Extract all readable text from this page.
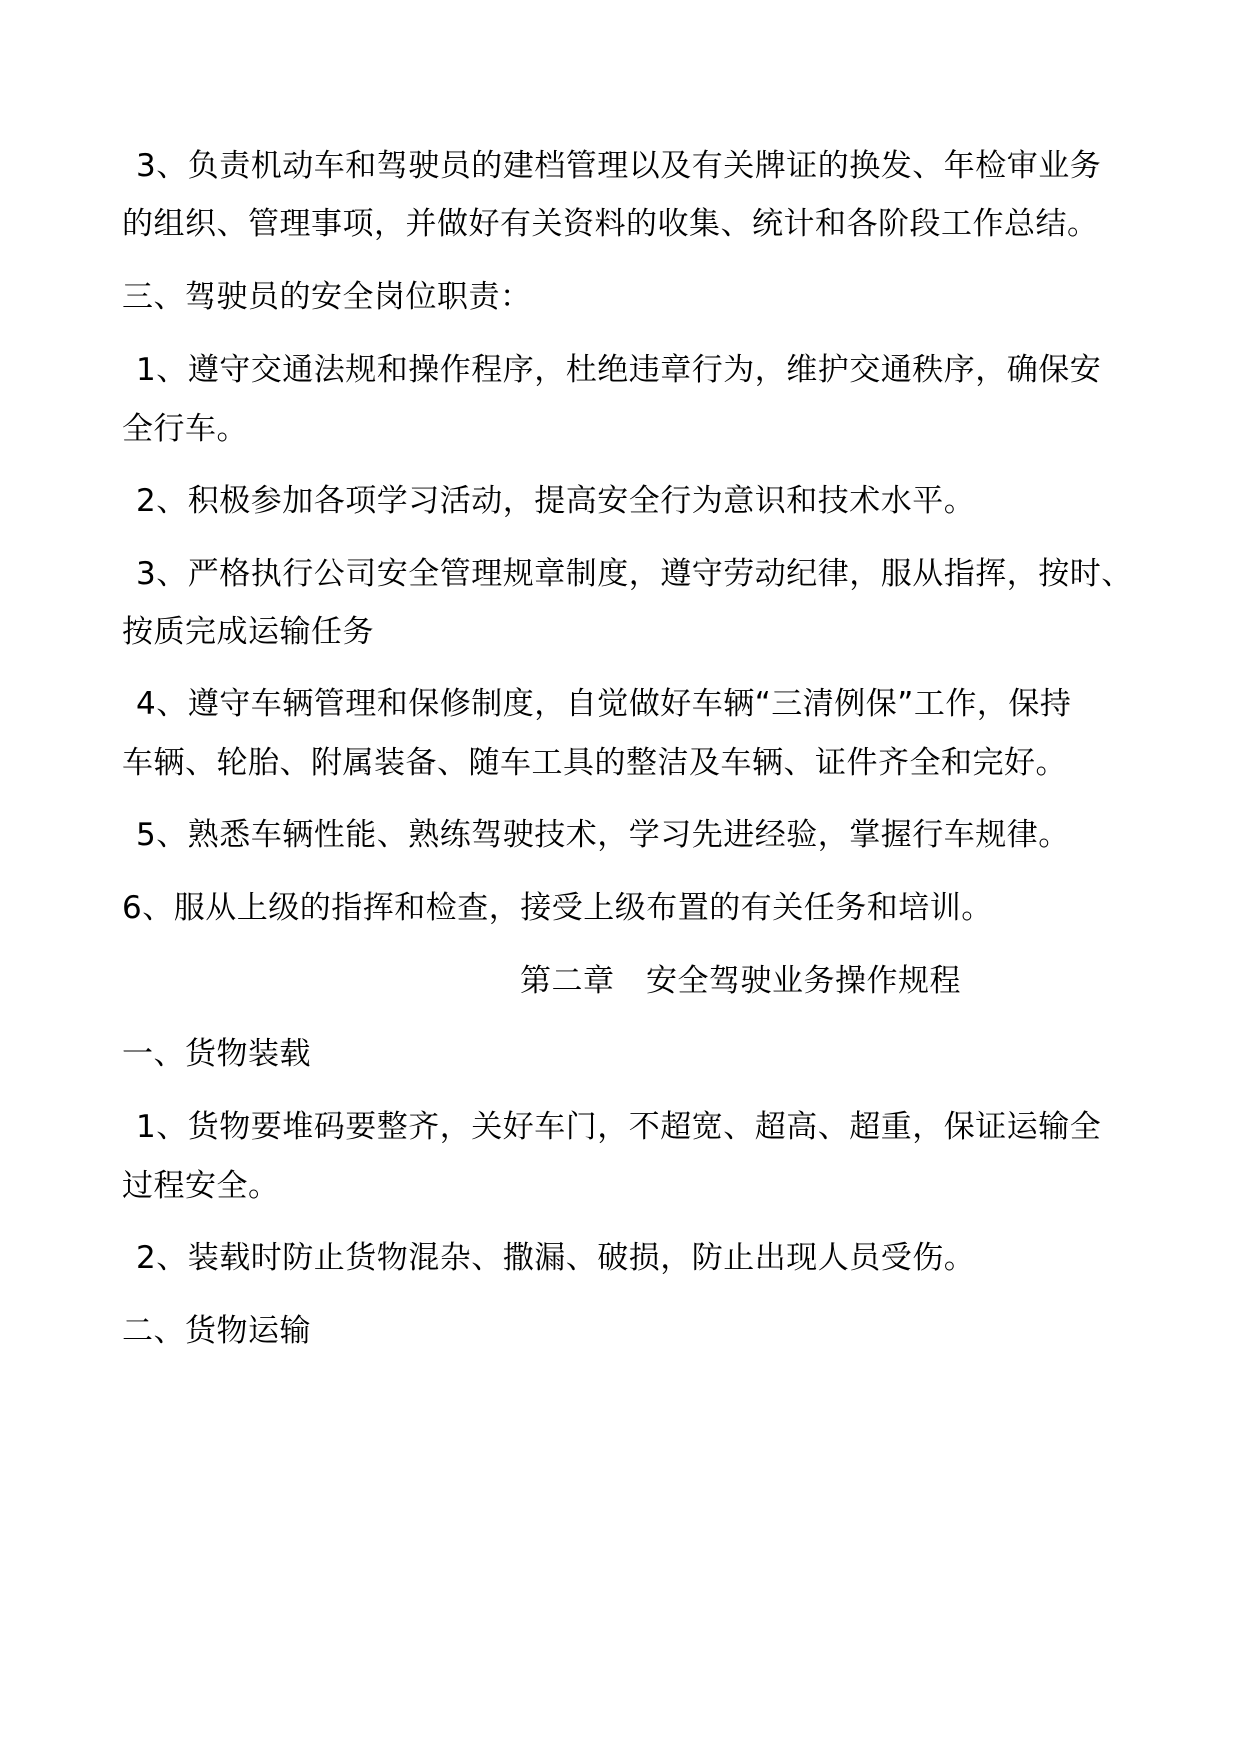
3、负责机动车和驾驶员的建档管理以及有关牌证的换发、年检审业务
的组织、管理事项，并做好有关资料的收集、统计和各阶段工作总结。
三、驾驶员的安全岗位职责：
1、遵守交通法规和操作程序，杜绝违章行为，维护交通秩序，确保安
全行车。
2、积极参加各项学习活动，提高安全行为意识和技术水平。
3、严格执行公司安全管理规章制度，遵守劳动纪律，服从指挥，按时、
按质完成运输任务
4、遵守车辆管理和保修制度，自觉做好车辆“三清例保”工作，保持
车辆、轮胎、附属装备、随车工具的整洁及车辆、证件齐全和完好。
5、熟悉车辆性能、熟练驾驶技术，学习先进经验，掌握行车规律。
6、服从上级的指挥和检查，接受上级布置的有关任务和培训。
第二章　安全驾驶业务操作规程
一、货物装载
1、货物要堆码要整齐，关好车门，不超宽、超高、超重，保证运输全
过程安全。
2、装载时防止货物混杂、撒漏、破损，防止出现人员受伤。
二、货物运输
